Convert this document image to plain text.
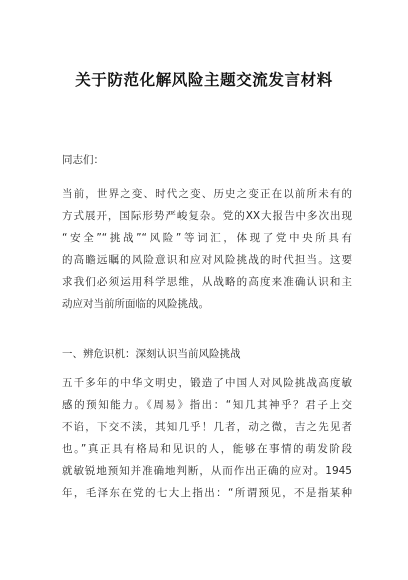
关于防范化解风险主题交流发言材料
同志们：
当前，世界之变、时代之变、历史之变正在以前所未有的
方式展开，国际形势严峻复杂。党的XX大报告中多次出现
“安全”“挑战”“风险”等词汇，体现了党中央所具有
的高瞻远瞩的风险意识和应对风险挑战的时代担当。这要
求我们必须运用科学思维，从战略的高度来准确认识和主
动应对当前所面临的风险挑战。
一、辨危识机：深刻认识当前风险挑战
五千多年的中华文明史，锻造了中国人对风险挑战高度敏
感的预知能力。《周易》指出：“知几其神乎？君子上交
不谄，下交不渎，其知几乎！几者，动之微，吉之先见者
也。”真正具有格局和见识的人，能够在事情的萌发阶段
就敏锐地预知并准确地判断，从而作出正确的应对。1945
年，毛泽东在党的七大上指出：“所谓预见，不是指某种
